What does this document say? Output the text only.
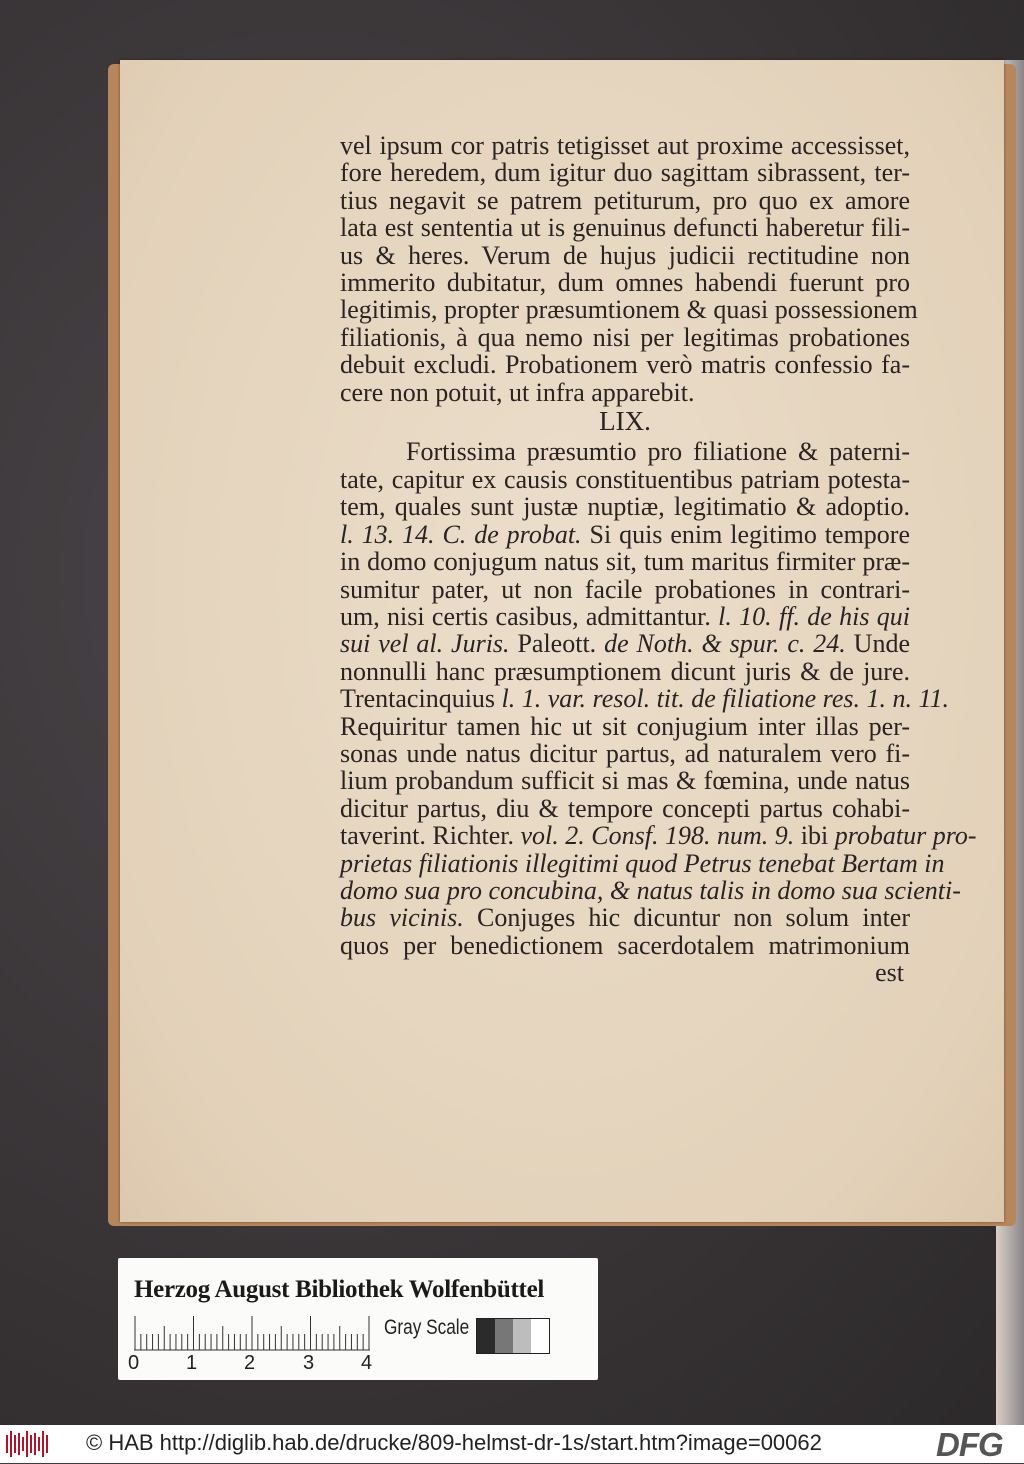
vel ipsum cor patris tetigisset aut proxime accessisset,
fore heredem, dum igitur duo sagittam sibrassent, ter-
tius negavit se patrem petiturum, pro quo ex amore
lata est sententia ut is genuinus defuncti haberetur fili-
us & heres. Verum de hujus judicii rectitudine non
immerito dubitatur, dum omnes habendi fuerunt pro
legitimis, propter præsumtionem & quasi possessionem
filiationis, à qua nemo nisi per legitimas probationes
debuit excludi. Probationem verò matris confessio fa-
cere non potuit, ut infra apparebit.
LIX.
Fortissima præsumtio pro filiatione & paterni-
tate, capitur ex causis constituentibus patriam potesta-
tem, quales sunt justæ nuptiæ, legitimatio & adoptio.
l. 13. 14. C. de probat. Si quis enim legitimo tempore
in domo conjugum natus sit, tum maritus firmiter præ-
sumitur pater, ut non facile probationes in contrari-
um, nisi certis casibus, admittantur. l. 10. ff. de his qui
sui vel al. Juris. Paleott. de Noth. & spur. c. 24. Unde
nonnulli hanc præsumptionem dicunt juris & de jure.
Trentacinquius l. 1. var. resol. tit. de filiatione res. 1. n. 11.
Requiritur tamen hic ut sit conjugium inter illas per-
sonas unde natus dicitur partus, ad naturalem vero fi-
lium probandum sufficit si mas & fœmina, unde natus
dicitur partus, diu & tempore concepti partus cohabi-
taverint. Richter. vol. 2. Consf. 198. num. 9. ibi probatur pro-
prietas filiationis illegitimi quod Petrus tenebat Bertam in
domo sua pro concubina, & natus talis in domo sua scienti-
bus vicinis. Conjuges hic dicuntur non solum inter
quos per benedictionem sacerdotalem matrimonium
est
Herzog August Bibliothek Wolfenbüttel
0 1 2 3 4
Gray Scale
© HAB http://diglib.hab.de/drucke/809-helmst-dr-1s/start.htm?image=00062	DFG
